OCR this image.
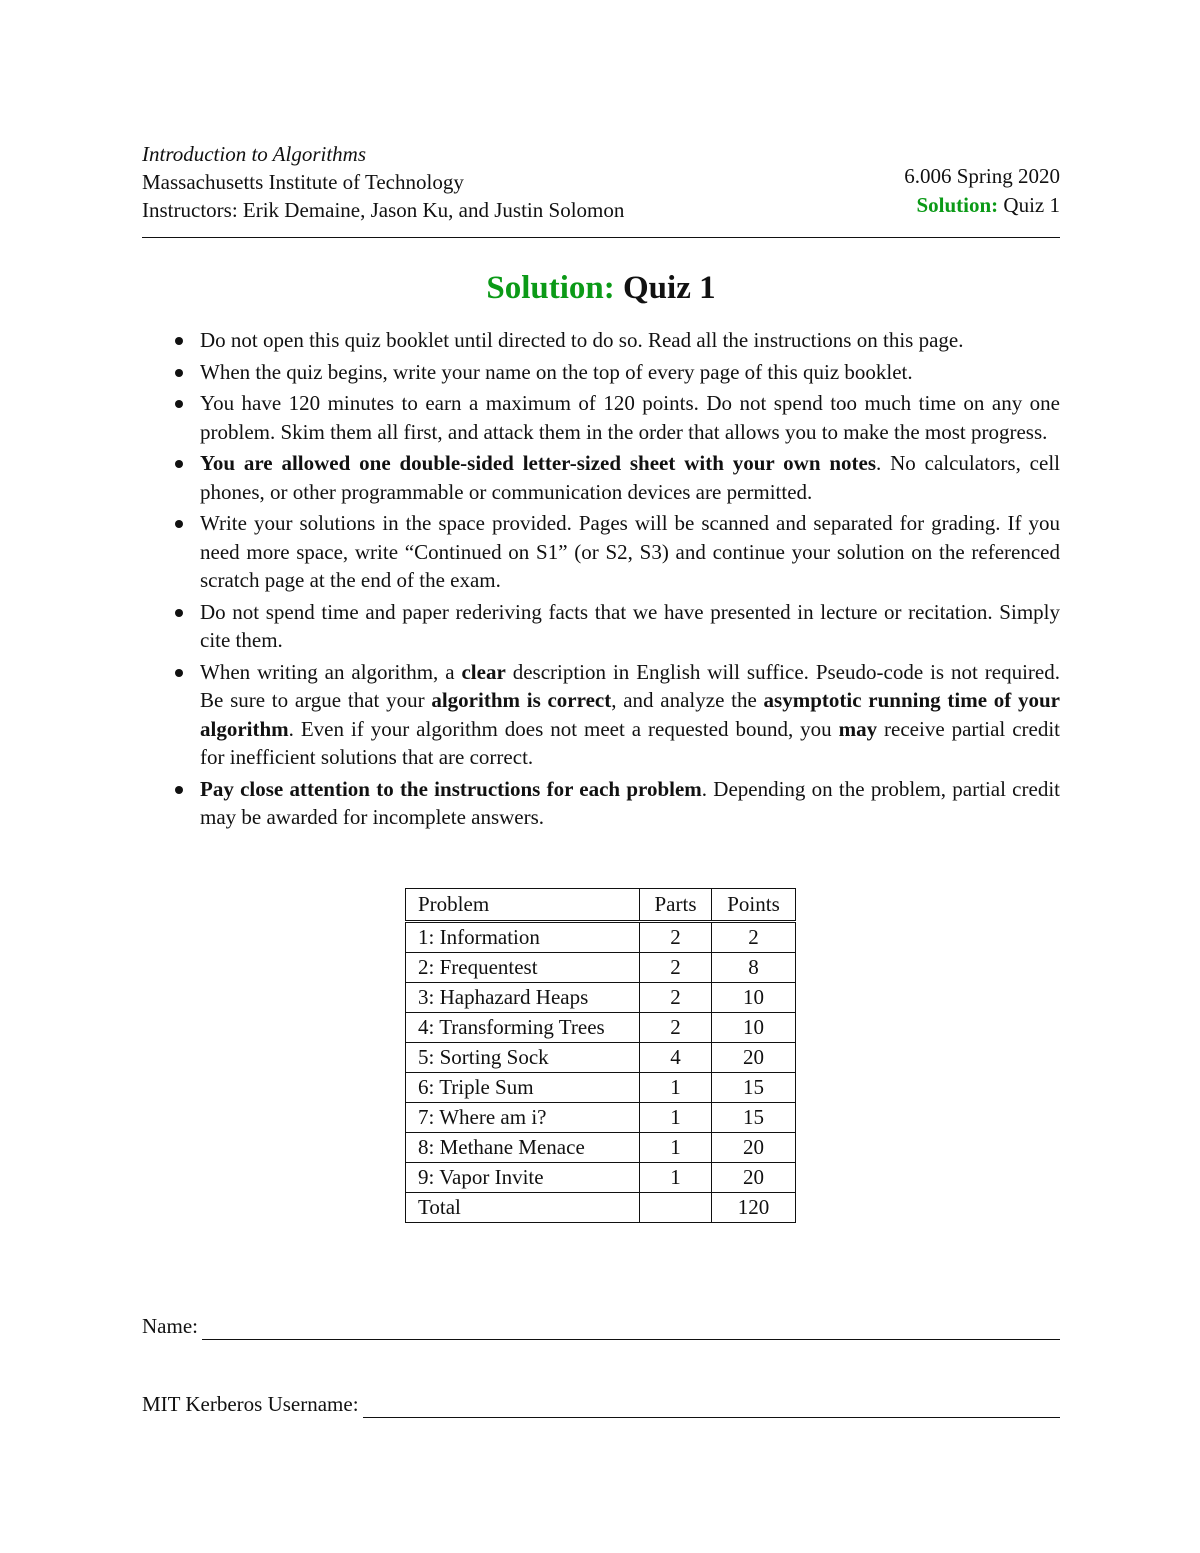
Introduction to Algorithms
Massachusetts Institute of Technology
Instructors: Erik Demaine, Jason Ku, and Justin Solomon
6.006 Spring 2020
Solution: Quiz 1
Solution: Quiz 1
Do not open this quiz booklet until directed to do so. Read all the instructions on this page.
When the quiz begins, write your name on the top of every page of this quiz booklet.
You have 120 minutes to earn a maximum of 120 points. Do not spend too much time on any one problem. Skim them all first, and attack them in the order that allows you to make the most progress.
You are allowed one double-sided letter-sized sheet with your own notes. No calculators, cell phones, or other programmable or communication devices are permitted.
Write your solutions in the space provided. Pages will be scanned and separated for grading. If you need more space, write “Continued on S1” (or S2, S3) and continue your solution on the referenced scratch page at the end of the exam.
Do not spend time and paper rederiving facts that we have presented in lecture or recitation. Simply cite them.
When writing an algorithm, a clear description in English will suffice. Pseudo-code is not required. Be sure to argue that your algorithm is correct, and analyze the asymptotic running time of your algorithm. Even if your algorithm does not meet a requested bound, you may receive partial credit for inefficient solutions that are correct.
Pay close attention to the instructions for each problem. Depending on the problem, partial credit may be awarded for incomplete answers.
Problem	Parts	Points
1: Information	2	2
2: Frequentest	2	8
3: Haphazard Heaps	2	10
4: Transforming Trees	2	10
5: Sorting Sock	4	20
6: Triple Sum	1	15
7: Where am i?	1	15
8: Methane Menace	1	20
9: Vapor Invite	1	20
Total		120
Name:
MIT Kerberos Username:
